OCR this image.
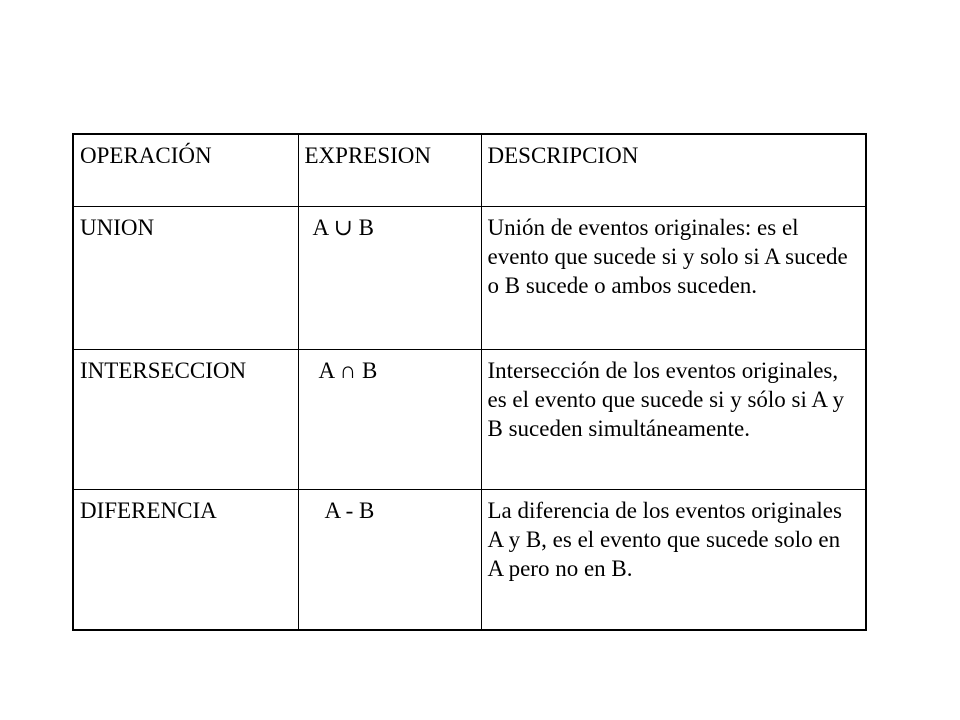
OPERACIÓN	EXPRESION	DESCRIPCION
UNION	A ∪ B	Unión de eventos originales: es el evento que sucede si y solo si A sucede o B sucede o ambos suceden.
INTERSECCION	A ∩ B	Intersección de los eventos originales, es el evento que sucede si y sólo si A y B suceden simultáneamente.
DIFERENCIA	A - B	La diferencia de los eventos originales A y B, es el evento que sucede solo en A pero no en B.
